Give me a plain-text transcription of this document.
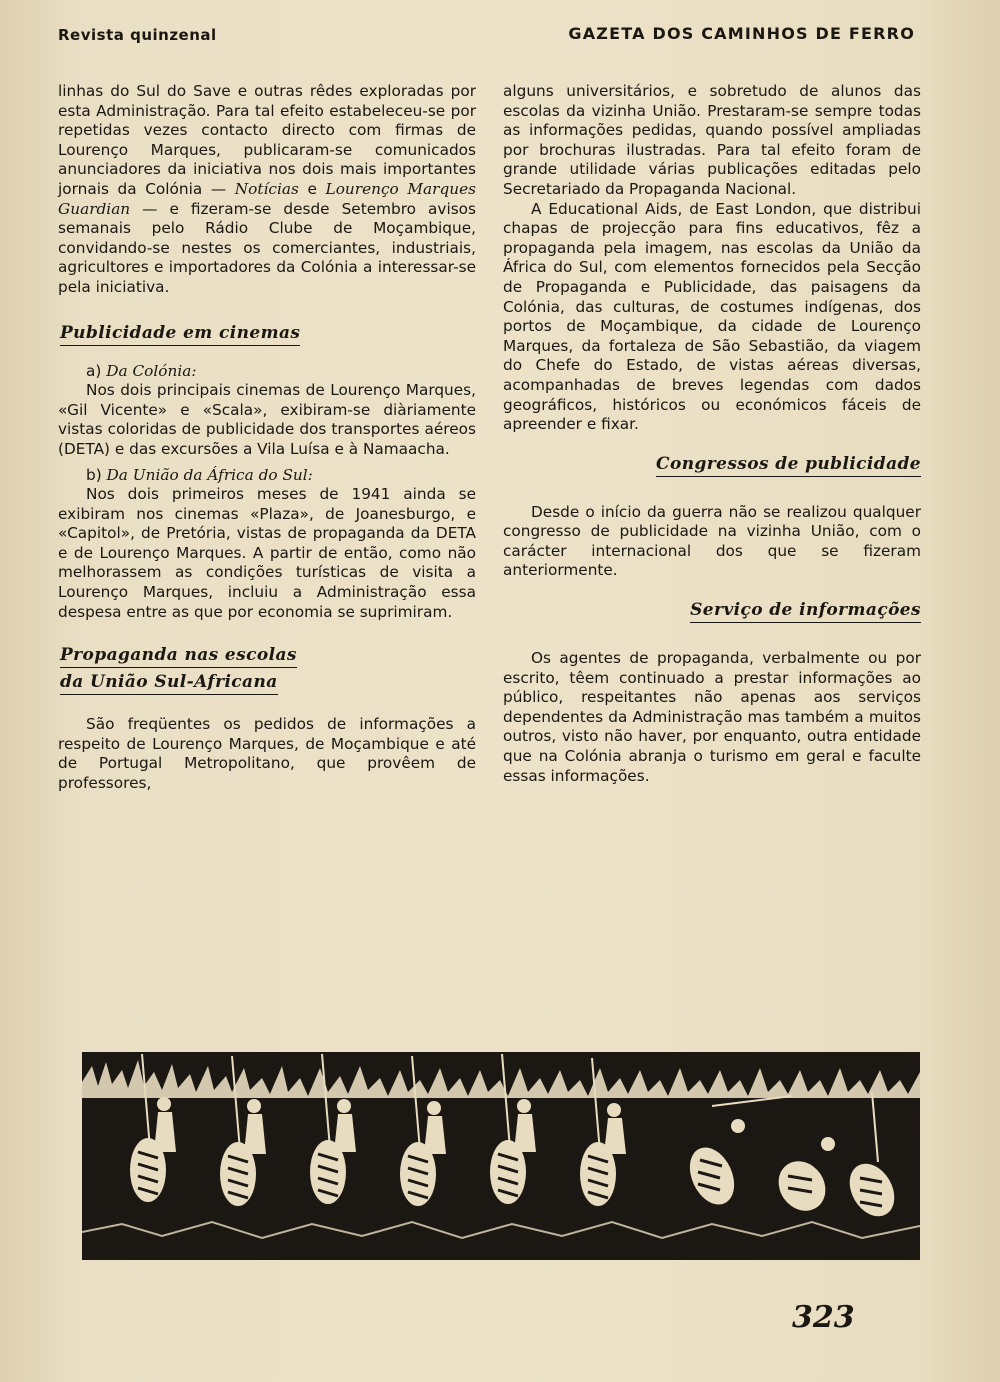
Revista quinzenal	GAZETA DOS CAMINHOS DE FERRO

linhas do Sul do Save e outras rêdes exploradas por esta Administração. Para tal efeito estabeleceu-se por repetidas vezes contacto directo com firmas de Lourenço Marques, publicaram-se comunicados anunciadores da iniciativa nos dois mais importantes jornais da Colónia — Notícias e Lourenço Marques Guardian — e fizeram-se desde Setembro avisos semanais pelo Rádio Clube de Moçambique, convidando-se nestes os comerciantes, industriais, agricultores e importadores da Colónia a interessar-se pela iniciativa.

Publicidade em cinemas

a) Da Colónia:

Nos dois principais cinemas de Lourenço Marques, «Gil Vicente» e «Scala», exibiram-se diàriamente vistas coloridas de publicidade dos transportes aéreos (DETA) e das excursões a Vila Luísa e à Namaacha.

b) Da União da África do Sul:

Nos dois primeiros meses de 1941 ainda se exibiram nos cinemas «Plaza», de Joanesburgo, e «Capitol», de Pretória, vistas de propaganda da DETA e de Lourenço Marques. A partir de então, como não melhorassem as condições turísticas de visita a Lourenço Marques, incluiu a Administração essa despesa entre as que por economia se suprimiram.

Propaganda nas escolas
da União Sul-Africana

São freqüentes os pedidos de informações a respeito de Lourenço Marques, de Moçambique e até de Portugal Metropolitano, que provêem de professores,

alguns universitários, e sobretudo de alunos das escolas da vizinha União. Prestaram-se sempre todas as informações pedidas, quando possível ampliadas por brochuras ilustradas. Para tal efeito foram de grande utilidade várias publicações editadas pelo Secretariado da Propaganda Nacional.

A Educational Aids, de East London, que distribui chapas de projecção para fins educativos, fêz a propaganda pela imagem, nas escolas da União da África do Sul, com elementos fornecidos pela Secção de Propaganda e Publicidade, das paisagens da Colónia, das culturas, de costumes indígenas, dos portos de Moçambique, da cidade de Lourenço Marques, da fortaleza de São Sebastião, da viagem do Chefe do Estado, de vistas aéreas diversas, acompanhadas de breves legendas com dados geográficos, históricos ou económicos fáceis de apreender e fixar.

Congressos de publicidade

Desde o início da guerra não se realizou qualquer congresso de publicidade na vizinha União, com o carácter internacional dos que se fizeram anteriormente.

Serviço de informações

Os agentes de propaganda, verbalmente ou por escrito, têem continuado a prestar informações ao público, respeitantes não apenas aos serviços dependentes da Administração mas também a muitos outros, visto não haver, por enquanto, outra entidade que na Colónia abranja o turismo em geral e faculte essas informações.

323
